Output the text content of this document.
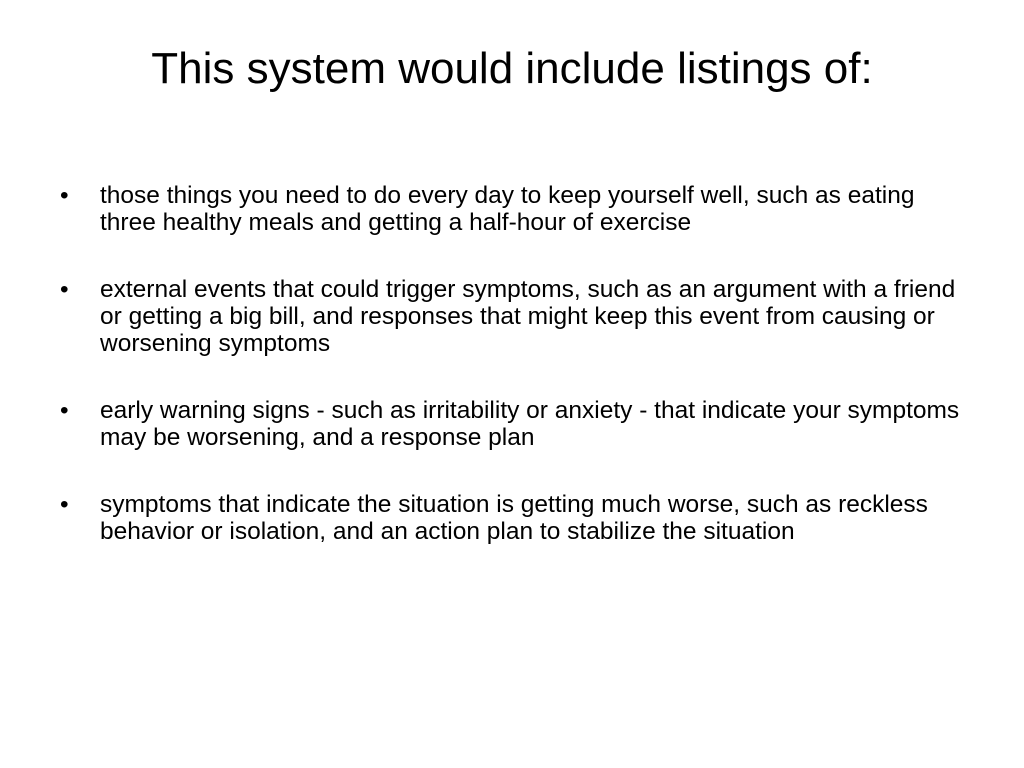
This system would include listings of:
•	those things you need to do every day to keep yourself well, such as eating three healthy meals and getting a half-hour of exercise
•	external events that could trigger symptoms, such as an argument with a friend or getting a big bill, and responses that might keep this event from causing or worsening symptoms
•	early warning signs - such as irritability or anxiety - that indicate your symptoms may be worsening, and a response plan
•	symptoms that indicate the situation is getting much worse, such as reckless behavior or isolation, and an action plan to stabilize the situation
